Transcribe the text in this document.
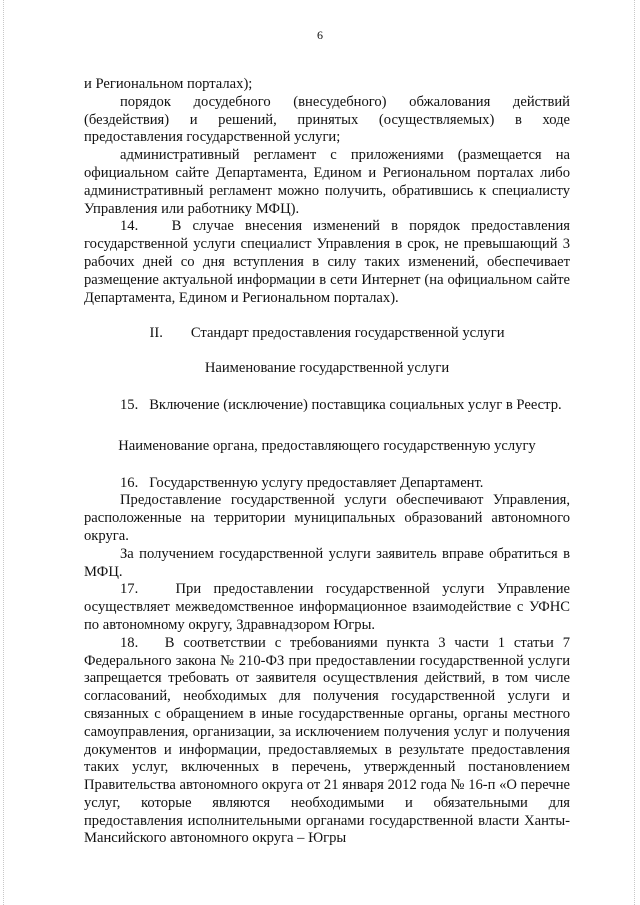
6

и Региональном порталах);

порядок досудебного (внесудебного) обжалования действий (бездействия) и решений, принятых (осуществляемых) в ходе предоставления государственной услуги;

административный регламент с приложениями (размещается на официальном сайте Департамента, Едином и Региональном порталах либо административный регламент можно получить, обратившись к специалисту Управления или работнику МФЦ).

14.   В случае внесения изменений в порядок предоставления государственной услуги специалист Управления в срок, не превышающий 3 рабочих дней со дня вступления в силу таких изменений, обеспечивает размещение актуальной информации в сети Интернет (на официальном сайте Департамента, Едином и Региональном порталах).

II. Стандарт предоставления государственной услуги
Наименование государственной услуги

15.   Включение (исключение) поставщика социальных услуг в Реестр.

Наименование органа, предоставляющего государственную услугу

16.   Государственную услугу предоставляет Департамент.

Предоставление государственной услуги обеспечивают Управления, расположенные на территории муниципальных образований автономного округа.

За получением государственной услуги заявитель вправе обратиться в МФЦ.

17.   При предоставлении государственной услуги Управление осуществляет межведомственное информационное взаимодействие с УФНС по автономному округу, Здравнадзором Югры.

18.   В соответствии с требованиями пункта 3 части 1 статьи 7 Федерального закона № 210-ФЗ при предоставлении государственной услуги запрещается требовать от заявителя осуществления действий, в том числе согласований, необходимых для получения государственной услуги и связанных с обращением в иные государственные органы, органы местного самоуправления, организации, за исключением получения услуг и получения документов и информации, предоставляемых в результате предоставления таких услуг, включенных в перечень, утвержденный постановлением Правительства автономного округа от 21 января 2012 года № 16-п «О перечне услуг, которые являются необходимыми и обязательными для предоставления исполнительными органами государственной власти Ханты-Мансийского автономного округа – Югры
